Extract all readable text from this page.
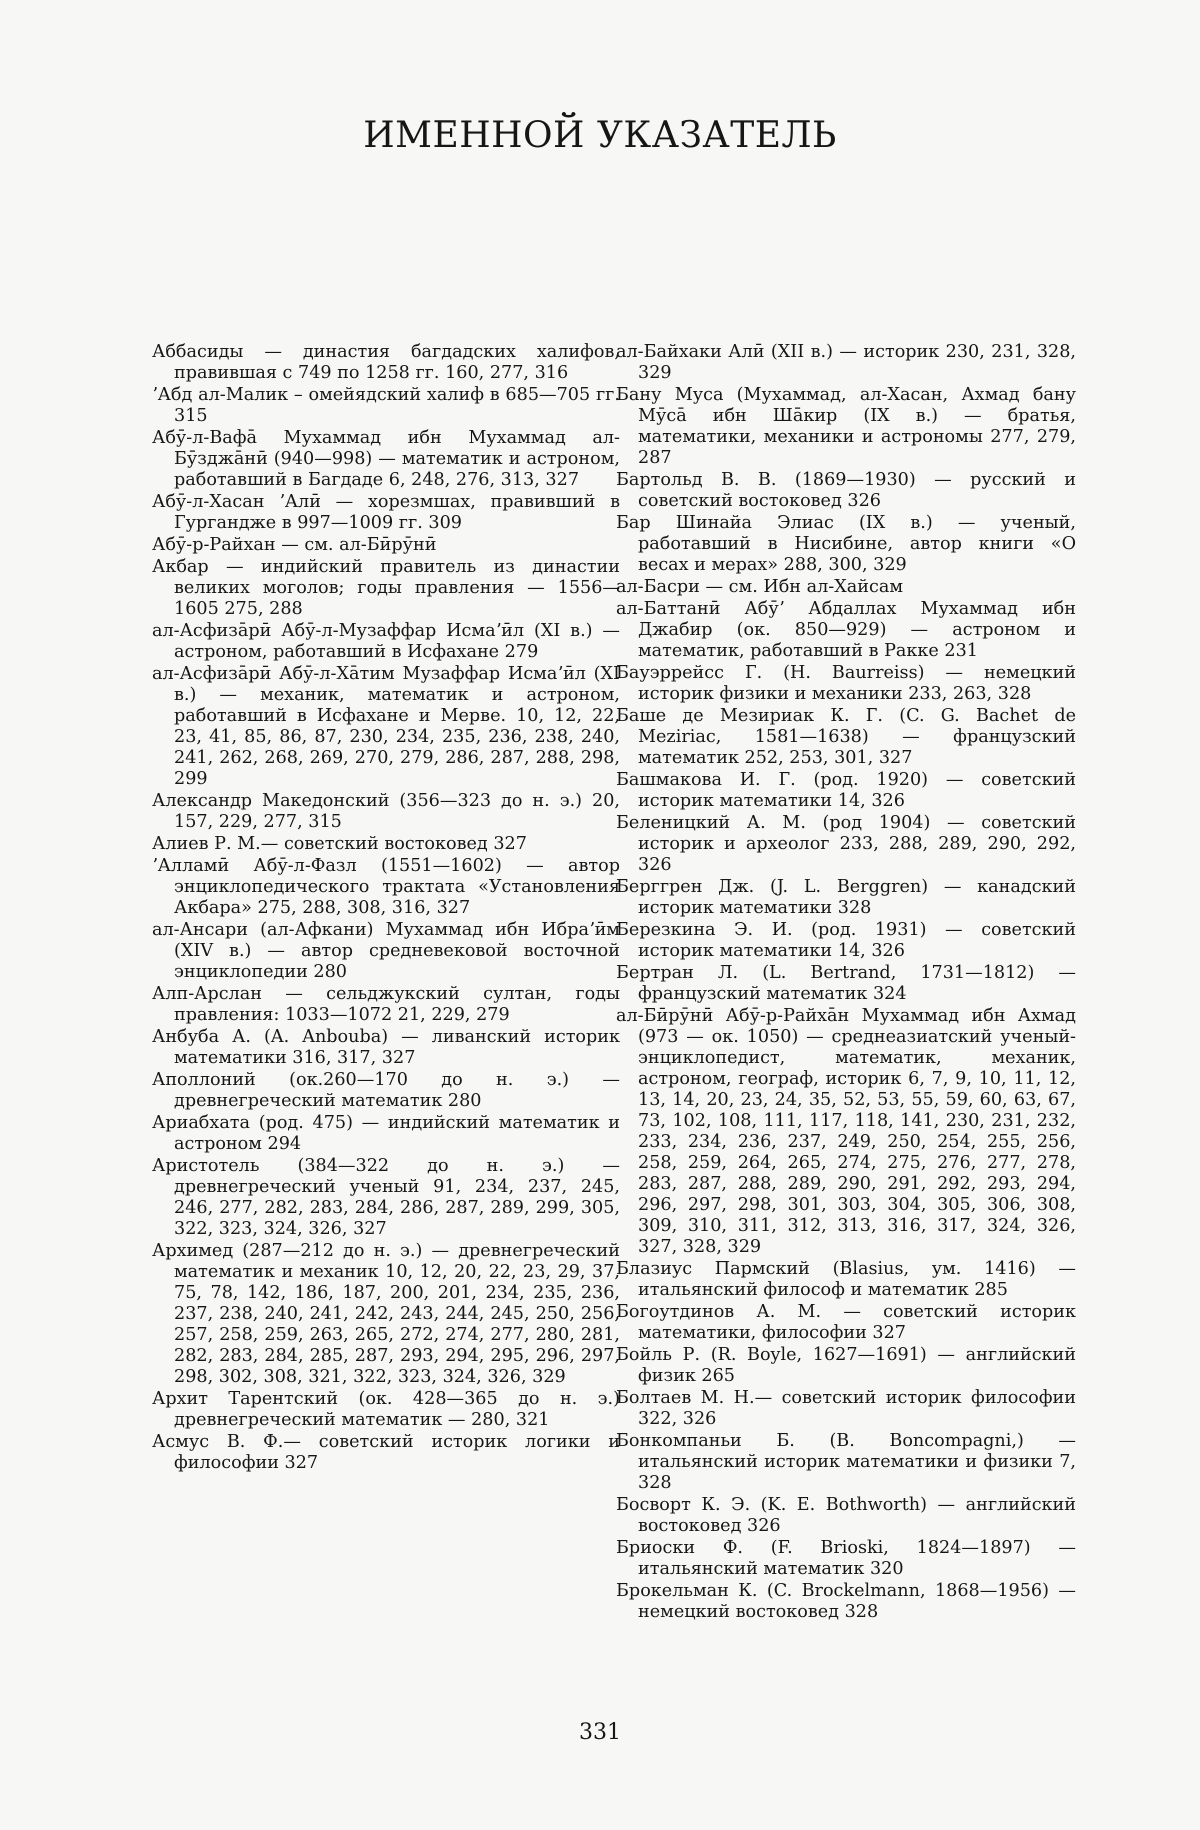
ИМЕННОЙ УКАЗАТЕЛЬ

Аббасиды — династия багдадских халифов, правившая с 749 по 1258 гг. 160, 277, 316

ʼАбд ал-Малик – омейядский халиф в 685—705 гг. 315

Абӯ-л-Вафā Мухаммад ибн Мухаммад ал-Бӯзджāнӣ (940—998) — математик и астроном, работавший в Багдаде 6, 248, 276, 313, 327

Абӯ-л-Хасан ʼАлӣ — хорезмшах, правивший в Гургандже в 997—1009 гг. 309

Абӯ-р-Райхан — см. ал-Бӣрӯнӣ

Акбар — индийский правитель из династии великих моголов; годы правления — 1556—1605 275, 288

ал-Асфизāрӣ Абӯ-л-Музаффар Исмаʼӣл (XI в.) — астроном, работавший в Исфахане 279

ал-Асфизāрӣ Абӯ-л-Хāтим Музаффар Исмаʼӣл (XI в.) — механик, математик и астроном, работавший в Исфахане и Мерве. 10, 12, 22, 23, 41, 85, 86, 87, 230, 234, 235, 236, 238, 240, 241, 262, 268, 269, 270, 279, 286, 287, 288, 298, 299

Александр Македонский (356—323 до н. э.) 20, 157, 229, 277, 315

Алиев Р. М.— советский востоковед 327

ʼАлламӣ Абӯ-л-Фазл (1551—1602) — автор энциклопедического трактата «Установления Акбара» 275, 288, 308, 316, 327

ал-Ансари (ал-Афкани) Мухаммад ибн Ибраʼӣм (XIV в.) — автор средневековой восточной энциклопедии 280

Алп-Арслан — сельджукский султан, годы правления: 1033—1072 21, 229, 279

Анбуба А. (A. Anbouba) — ливанский историк математики 316, 317, 327

Аполлоний (ок.260—170 до н. э.) — древнегреческий математик 280

Ариабхата (род. 475) — индийский математик и астроном 294

Аристотель (384—322 до н. э.) — древнегреческий ученый 91, 234, 237, 245, 246, 277, 282, 283, 284, 286, 287, 289, 299, 305, 322, 323, 324, 326, 327

Архимед (287—212 до н. э.) — древнегреческий математик и механик 10, 12, 20, 22, 23, 29, 37, 75, 78, 142, 186, 187, 200, 201, 234, 235, 236, 237, 238, 240, 241, 242, 243, 244, 245, 250, 256, 257, 258, 259, 263, 265, 272, 274, 277, 280, 281, 282, 283, 284, 285, 287, 293, 294, 295, 296, 297, 298, 302, 308, 321, 322, 323, 324, 326, 329

Архит Тарентский (ок. 428—365 до н. э.) древнегреческий математик — 280, 321

Асмус В. Ф.— советский историк логики и философии 327

ал-Байхаки Алӣ (XII в.) — историк 230, 231, 328, 329

Бану Муса (Мухаммад, ал-Хасан, Ахмад бану Мӯсā ибн Шāкир (IX в.) — братья, математики, механики и астрономы 277, 279, 287

Бартольд В. В. (1869—1930) — русский и советский востоковед 326

Бар Шинайа Элиас (IX в.) — ученый, работавший в Нисибине, автор книги «О весах и мерах» 288, 300, 329

ал-Басри — см. Ибн ал-Хайсам

ал-Баттанӣ Абӯʼ Абдаллах Мухаммад ибн Джабир (ок. 850—929) — астроном и математик, работавший в Ракке 231

Бауэррейсс Г. (H. Baurreiss) — немецкий историк физики и механики 233, 263, 328

Баше де Мезириак К. Г. (C. G. Bachet de Meziriac, 1581—1638) — французский математик 252, 253, 301, 327

Башмакова И. Г. (род. 1920) — советский историк математики 14, 326

Беленицкий А. М. (род 1904) — советский историк и археолог 233, 288, 289, 290, 292, 326

Берггрен Дж. (J. L. Berggren) — канадский историк математики 328

Березкина Э. И. (род. 1931) — советский историк математики 14, 326

Бертран Л. (L. Bertrand, 1731—1812) — французский математик 324

ал-Бӣрӯнӣ Абӯ-р-Райхāн Мухаммад ибн Ахмад (973 — ок. 1050) — среднеазиатский ученый-энциклопедист, математик, механик, астроном, географ, историк 6, 7, 9, 10, 11, 12, 13, 14, 20, 23, 24, 35, 52, 53, 55, 59, 60, 63, 67, 73, 102, 108, 111, 117, 118, 141, 230, 231, 232, 233, 234, 236, 237, 249, 250, 254, 255, 256, 258, 259, 264, 265, 274, 275, 276, 277, 278, 283, 287, 288, 289, 290, 291, 292, 293, 294, 296, 297, 298, 301, 303, 304, 305, 306, 308, 309, 310, 311, 312, 313, 316, 317, 324, 326, 327, 328, 329

Блазиус Пармский (Blasius, ум. 1416) — итальянский философ и математик 285

Богоутдинов А. М. — советский историк математики, философии 327

Бойль Р. (R. Boyle, 1627—1691) — английский физик 265

Болтаев М. Н.— советский историк философии 322, 326

Бонкомпаньи Б. (B. Boncompagni,) — итальянский историк математики и физики 7, 328

Босворт К. Э. (K. E. Bothworth) — английский востоковед 326

Бриоски Ф. (F. Brioski, 1824—1897) — итальянский математик 320

Брокельман К. (C. Brockelmann, 1868—1956) — немецкий востоковед 328

331
